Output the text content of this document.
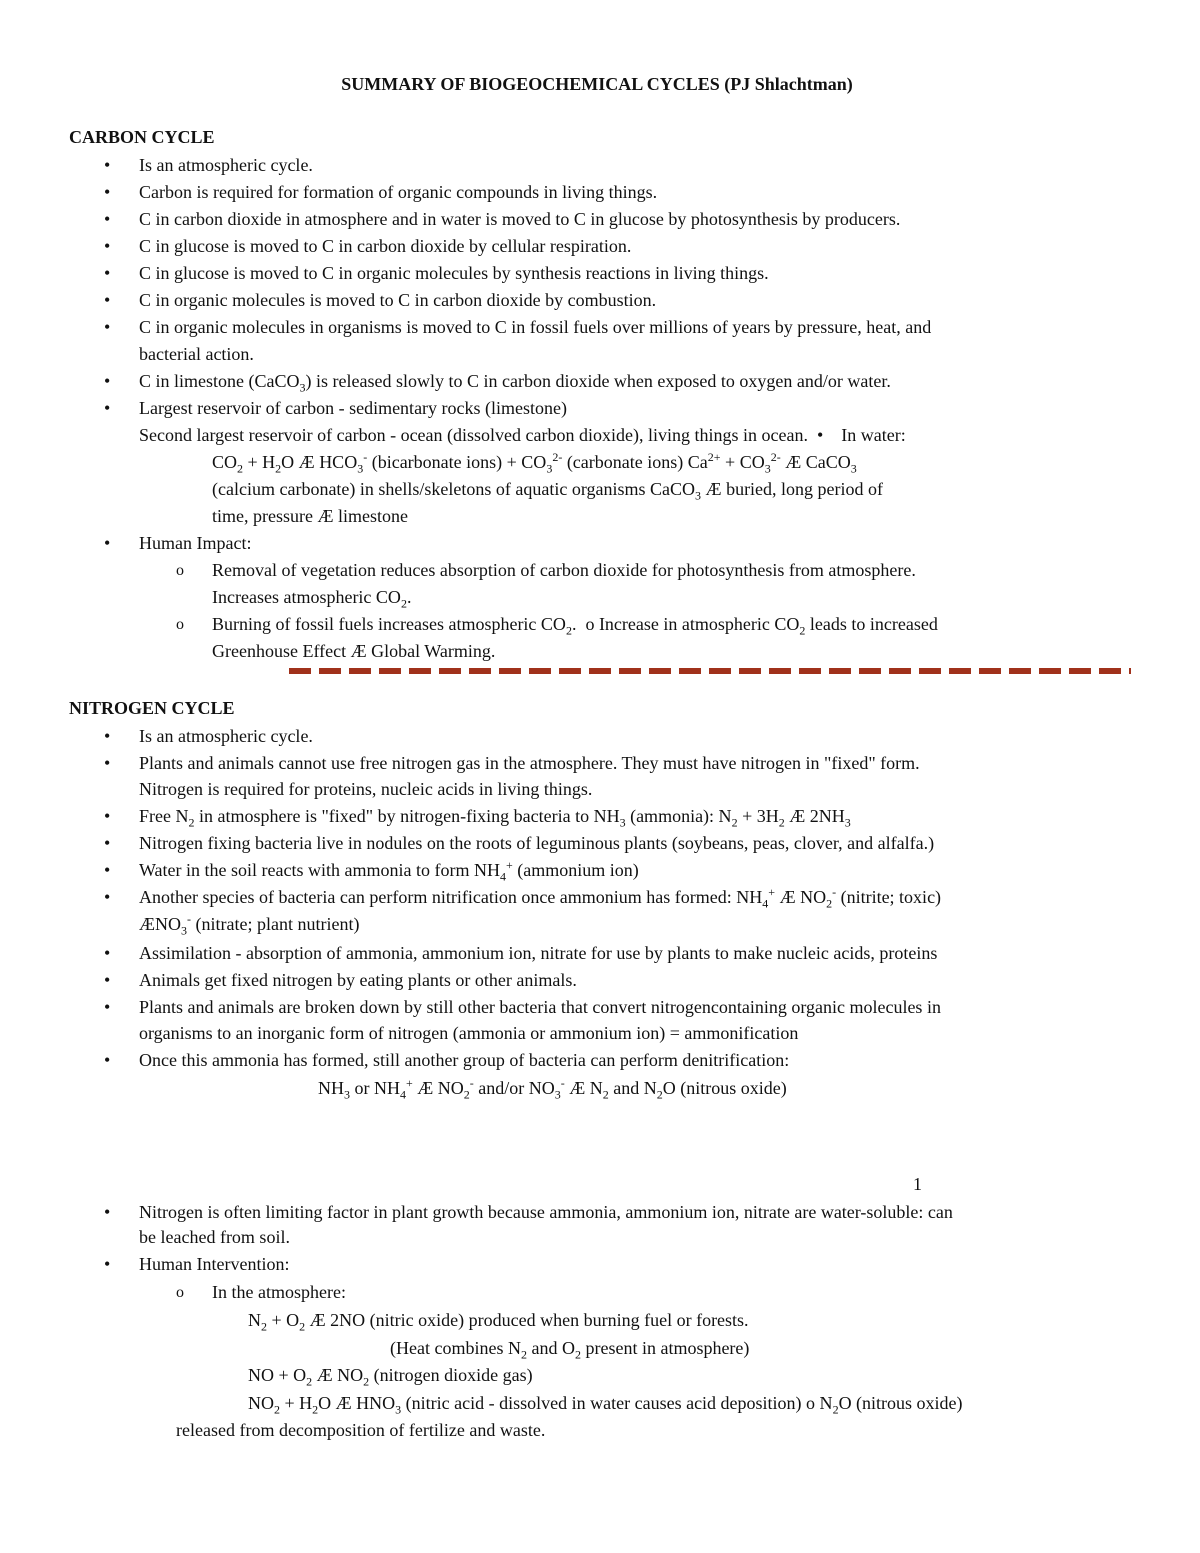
SUMMARY OF BIOGEOCHEMICAL CYCLES (PJ Shlachtman)
CARBON CYCLE
• Is an atmospheric cycle.
• Carbon is required for formation of organic compounds in living things.
• C in carbon dioxide in atmosphere and in water is moved to C in glucose by photosynthesis by producers.
• C in glucose is moved to C in carbon dioxide by cellular respiration.
• C in glucose is moved to C in organic molecules by synthesis reactions in living things.
• C in organic molecules is moved to C in carbon dioxide by combustion.
• C in organic molecules in organisms is moved to C in fossil fuels over millions of years by pressure, heat, and
bacterial action.
• C in limestone (CaCO$_3$) is released slowly to C in carbon dioxide when exposed to oxygen and/or water.
• Largest reservoir of carbon - sedimentary rocks (limestone)
Second largest reservoir of carbon - ocean (dissolved carbon dioxide), living things in ocean. • In water:
$CO_2 + H_2O$ Æ $HCO_3^-$ (bicarbonate ions) + $CO_3^{2-}$ (carbonate ions) $Ca^{2+} + CO_3^{2-}$ Æ CaCO$_3$
(calcium carbonate) in shells/skeletons of aquatic organisms CaCO$_3$ Æ buried, long period of
time, pressure Æ limestone
• Human Impact:
o Removal of vegetation reduces absorption of carbon dioxide for photosynthesis from atmosphere.
Increases atmospheric $CO_2$.
o Burning of fossil fuels increases atmospheric $CO_2$.  o Increase in atmospheric $CO_2$ leads to increased
Greenhouse Effect Æ Global Warming.
NITROGEN CYCLE
• Is an atmospheric cycle.
• Plants and animals cannot use free nitrogen gas in the atmosphere. They must have nitrogen in "fixed" form.
Nitrogen is required for proteins, nucleic acids in living things.
• Free $N_2$ in atmosphere is "fixed" by nitrogen-fixing bacteria to $NH_3$ (ammonia): $N_2 + 3H_2$ Æ $2NH_3$
• Nitrogen fixing bacteria live in nodules on the roots of leguminous plants (soybeans, peas, clover, and alfalfa.)
• Water in the soil reacts with ammonia to form $NH_4^+$ (ammonium ion)
• Another species of bacteria can perform nitrification once ammonium has formed: $NH_4^+$ Æ $NO_2^-$ (nitrite; toxic)
$ÆNO_3^-$ (nitrate; plant nutrient)
• Assimilation - absorption of ammonia, ammonium ion, nitrate for use by plants to make nucleic acids, proteins
• Animals get fixed nitrogen by eating plants or other animals.
• Plants and animals are broken down by still other bacteria that convert nitrogencontaining organic molecules in
organisms to an inorganic form of nitrogen (ammonia or ammonium ion) = ammonification
• Once this ammonia has formed, still another group of bacteria can perform denitrification:
$NH_3$ or $NH_4^+$ Æ $NO_2^-$ and/or $NO_3^-$ Æ $N_2$ and $N_2O$ (nitrous oxide)
1
• Nitrogen is often limiting factor in plant growth because ammonia, ammonium ion, nitrate are water-soluble: can
be leached from soil.
• Human Intervention:
o In the atmosphere:
$N_2 + O_2$ Æ 2NO (nitric oxide) produced when burning fuel or forests.
(Heat combines $N_2$ and $O_2$ present in atmosphere)
NO + $O_2$ Æ $NO_2$ (nitrogen dioxide gas)
$NO_2 + H_2O$ Æ $HNO_3$ (nitric acid - dissolved in water causes acid deposition) o $N_2O$ (nitrous oxide)
released from decomposition of fertilize and waste.
